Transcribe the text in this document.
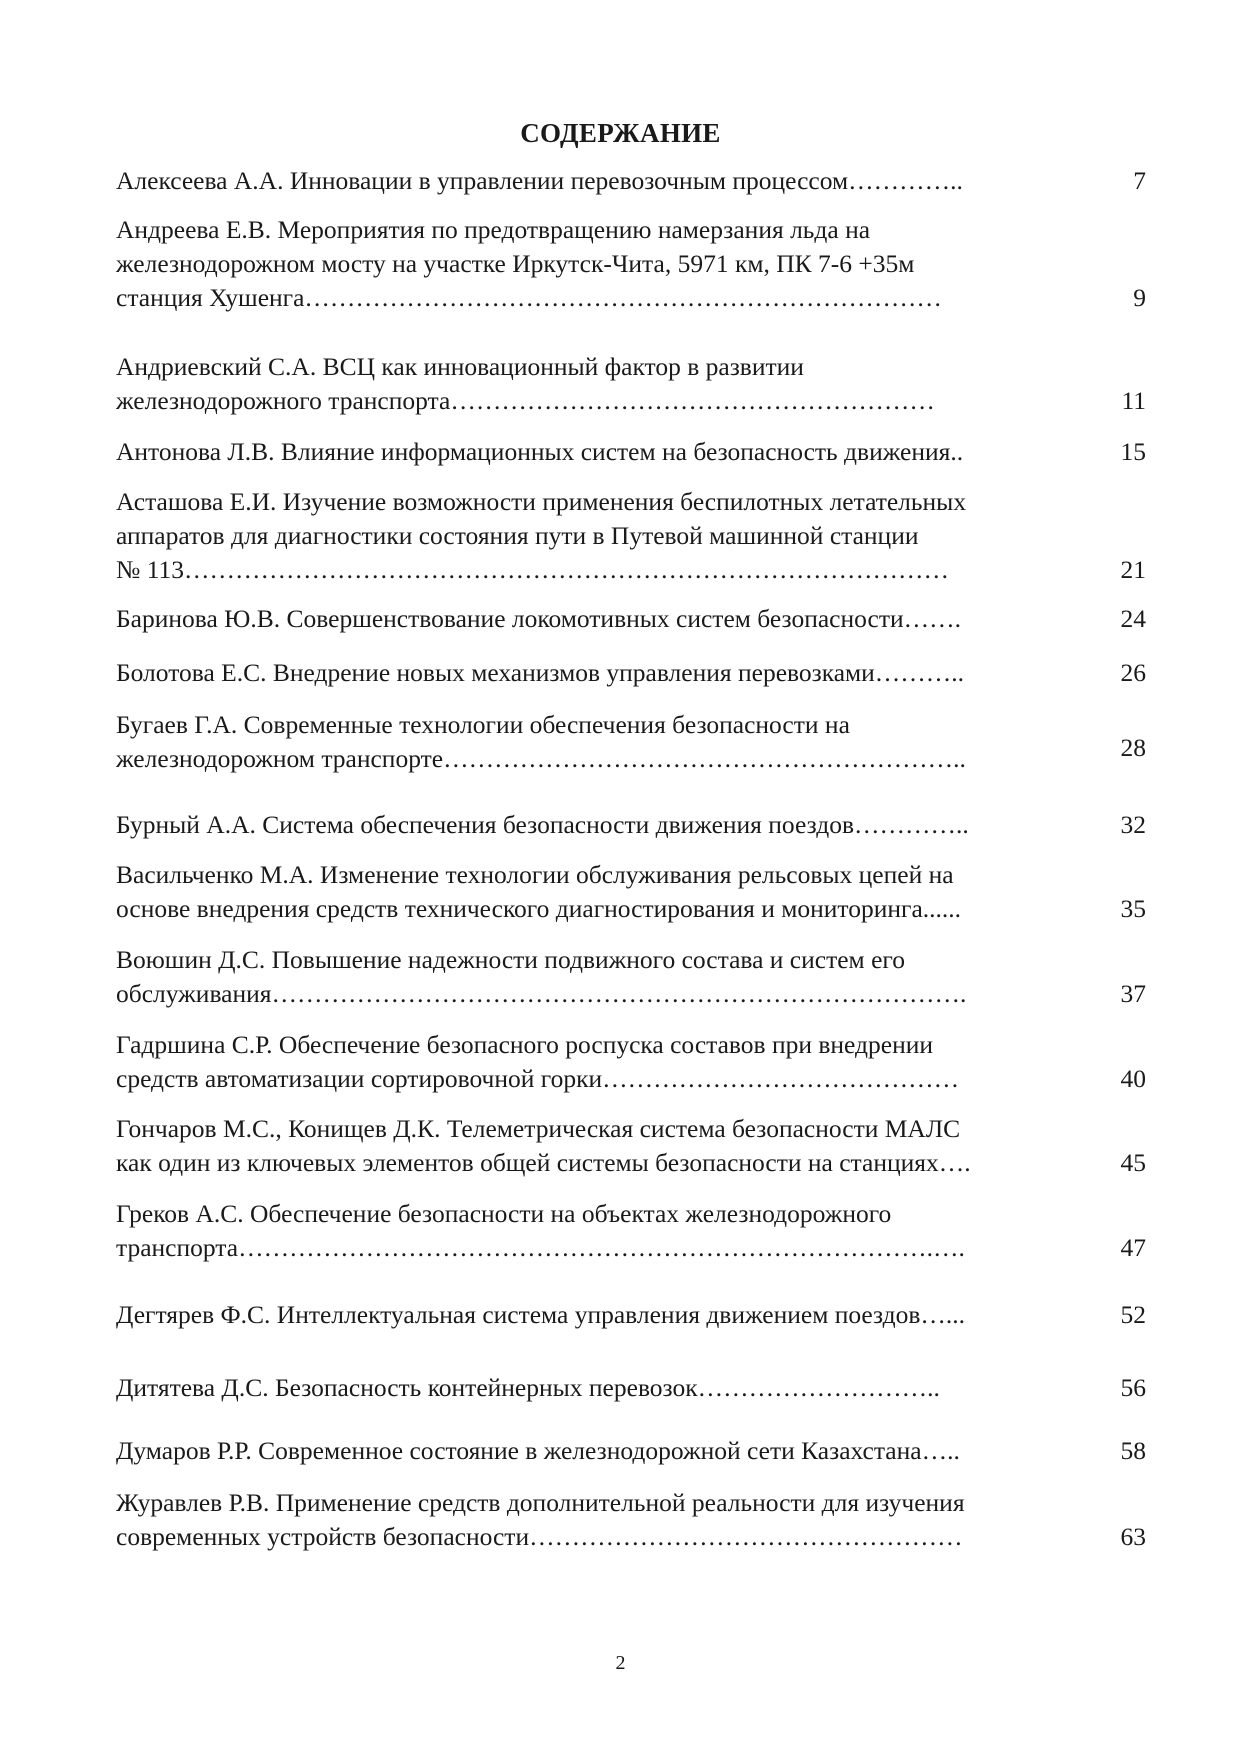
СОДЕРЖАНИЕ
Алексеева А.А. Инновации в управлении перевозочным процессом…………..	7
Андреева Е.В. Мероприятия по предотвращению намерзания льда на
железнодорожном мосту на участке Иркутск-Чита, 5971 км, ПК 7-6 +35м
станция Хушенга…………………………………………………………………	9
Андриевский С.А. ВСЦ как инновационный фактор в развитии
железнодорожного транспорта…………………………………………………	11
Антонова Л.В. Влияние информационных систем на безопасность движения..	15
Асташова Е.И. Изучение возможности применения беспилотных летательных
аппаратов для диагностики состояния пути в Путевой машинной станции
№ 113………………………………………………………………………………	21
Баринова Ю.В. Совершенствование локомотивных систем безопасности…….	24
Болотова Е.С. Внедрение новых механизмов управления перевозками………..	26
Бугаев Г.А. Современные технологии обеспечения безопасности на
железнодорожном транспорте……………………………………………………..	28
Бурный А.А. Система обеспечения безопасности движения поездов…………..	32
Васильченко М.А. Изменение технологии обслуживания рельсовых цепей на
основе внедрения средств технического диагностирования и мониторинга......	35
Воюшин Д.С. Повышение надежности подвижного состава и систем его
обслуживания……………………………………………………………………….	37
Гадршина С.Р. Обеспечение безопасного роспуска составов при внедрении
средств автоматизации сортировочной горки……………………………………	40
Гончаров М.С., Конищев Д.К. Телеметрическая система безопасности МАЛС
как один из ключевых элементов общей системы безопасности на станциях….	45
Греков А.С. Обеспечение безопасности на объектах железнодорожного
транспорта……………………………………………………………………….….	47
Дегтярев Ф.С. Интеллектуальная система управления движением поездов…...	52
Дитятева Д.С. Безопасность контейнерных перевозок………………………..	56
Думаров Р.Р. Современное состояние в железнодорожной сети Казахстана…..	58
Журавлев Р.В. Применение средств дополнительной реальности для изучения
современных устройств безопасности……………………………………………	63
2
